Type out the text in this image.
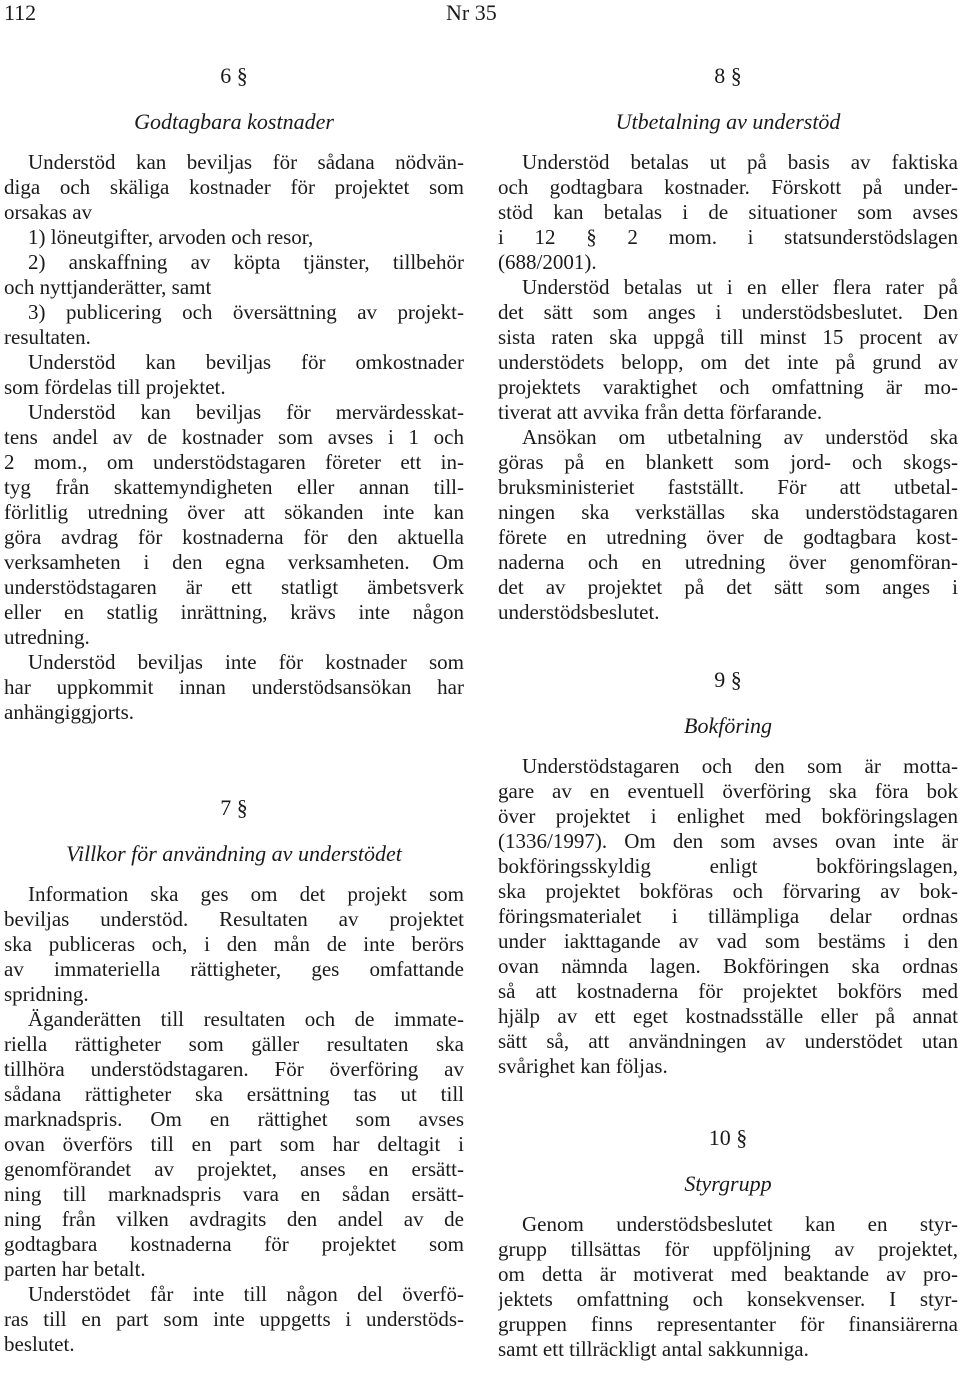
112	Nr 35
6 §
Godtagbara kostnader
Understöd kan beviljas för sådana nödvän-
diga och skäliga kostnader för projektet som
orsakas av
1) löneutgifter, arvoden och resor,
2) anskaffning av köpta tjänster, tillbehör
och nyttjanderätter, samt
3) publicering och översättning av projekt-
resultaten.
Understöd kan beviljas för omkostnader
som fördelas till projektet.
Understöd kan beviljas för mervärdesskat-
tens andel av de kostnader som avses i 1 och
2 mom., om understödstagaren företer ett in-
tyg från skattemyndigheten eller annan till-
förlitlig utredning över att sökanden inte kan
göra avdrag för kostnaderna för den aktuella
verksamheten i den egna verksamheten. Om
understödstagaren är ett statligt ämbetsverk
eller en statlig inrättning, krävs inte någon
utredning.
Understöd beviljas inte för kostnader som
har uppkommit innan understödsansökan har
anhängiggjorts.
7 §
Villkor för användning av understödet
Information ska ges om det projekt som
beviljas understöd. Resultaten av projektet
ska publiceras och, i den mån de inte berörs
av immateriella rättigheter, ges omfattande
spridning.
Äganderätten till resultaten och de immate-
riella rättigheter som gäller resultaten ska
tillhöra understödstagaren. För överföring av
sådana rättigheter ska ersättning tas ut till
marknadspris. Om en rättighet som avses
ovan överförs till en part som har deltagit i
genomförandet av projektet, anses en ersätt-
ning till marknadspris vara en sådan ersätt-
ning från vilken avdragits den andel av de
godtagbara kostnaderna för projektet som
parten har betalt.
Understödet får inte till någon del överfö-
ras till en part som inte uppgetts i understöds-
beslutet.
8 §
Utbetalning av understöd
Understöd betalas ut på basis av faktiska
och godtagbara kostnader. Förskott på under-
stöd kan betalas i de situationer som avses
i 12 § 2 mom. i statsunderstödslagen
(688/2001).
Understöd betalas ut i en eller flera rater på
det sätt som anges i understödsbeslutet. Den
sista raten ska uppgå till minst 15 procent av
understödets belopp, om det inte på grund av
projektets varaktighet och omfattning är mo-
tiverat att avvika från detta förfarande.
Ansökan om utbetalning av understöd ska
göras på en blankett som jord- och skogs-
bruksministeriet fastställt. För att utbetal-
ningen ska verkställas ska understödstagaren
förete en utredning över de godtagbara kost-
naderna och en utredning över genomföran-
det av projektet på det sätt som anges i
understödsbeslutet.
9 §
Bokföring
Understödstagaren och den som är motta-
gare av en eventuell överföring ska föra bok
över projektet i enlighet med bokföringslagen
(1336/1997). Om den som avses ovan inte är
bokföringsskyldig enligt bokföringslagen,
ska projektet bokföras och förvaring av bok-
föringsmaterialet i tillämpliga delar ordnas
under iakttagande av vad som bestäms i den
ovan nämnda lagen. Bokföringen ska ordnas
så att kostnaderna för projektet bokförs med
hjälp av ett eget kostnadsställe eller på annat
sätt så, att användningen av understödet utan
svårighet kan följas.
10 §
Styrgrupp
Genom understödsbeslutet kan en styr-
grupp tillsättas för uppföljning av projektet,
om detta är motiverat med beaktande av pro-
jektets omfattning och konsekvenser. I styr-
gruppen finns representanter för finansiärerna
samt ett tillräckligt antal sakkunniga.
